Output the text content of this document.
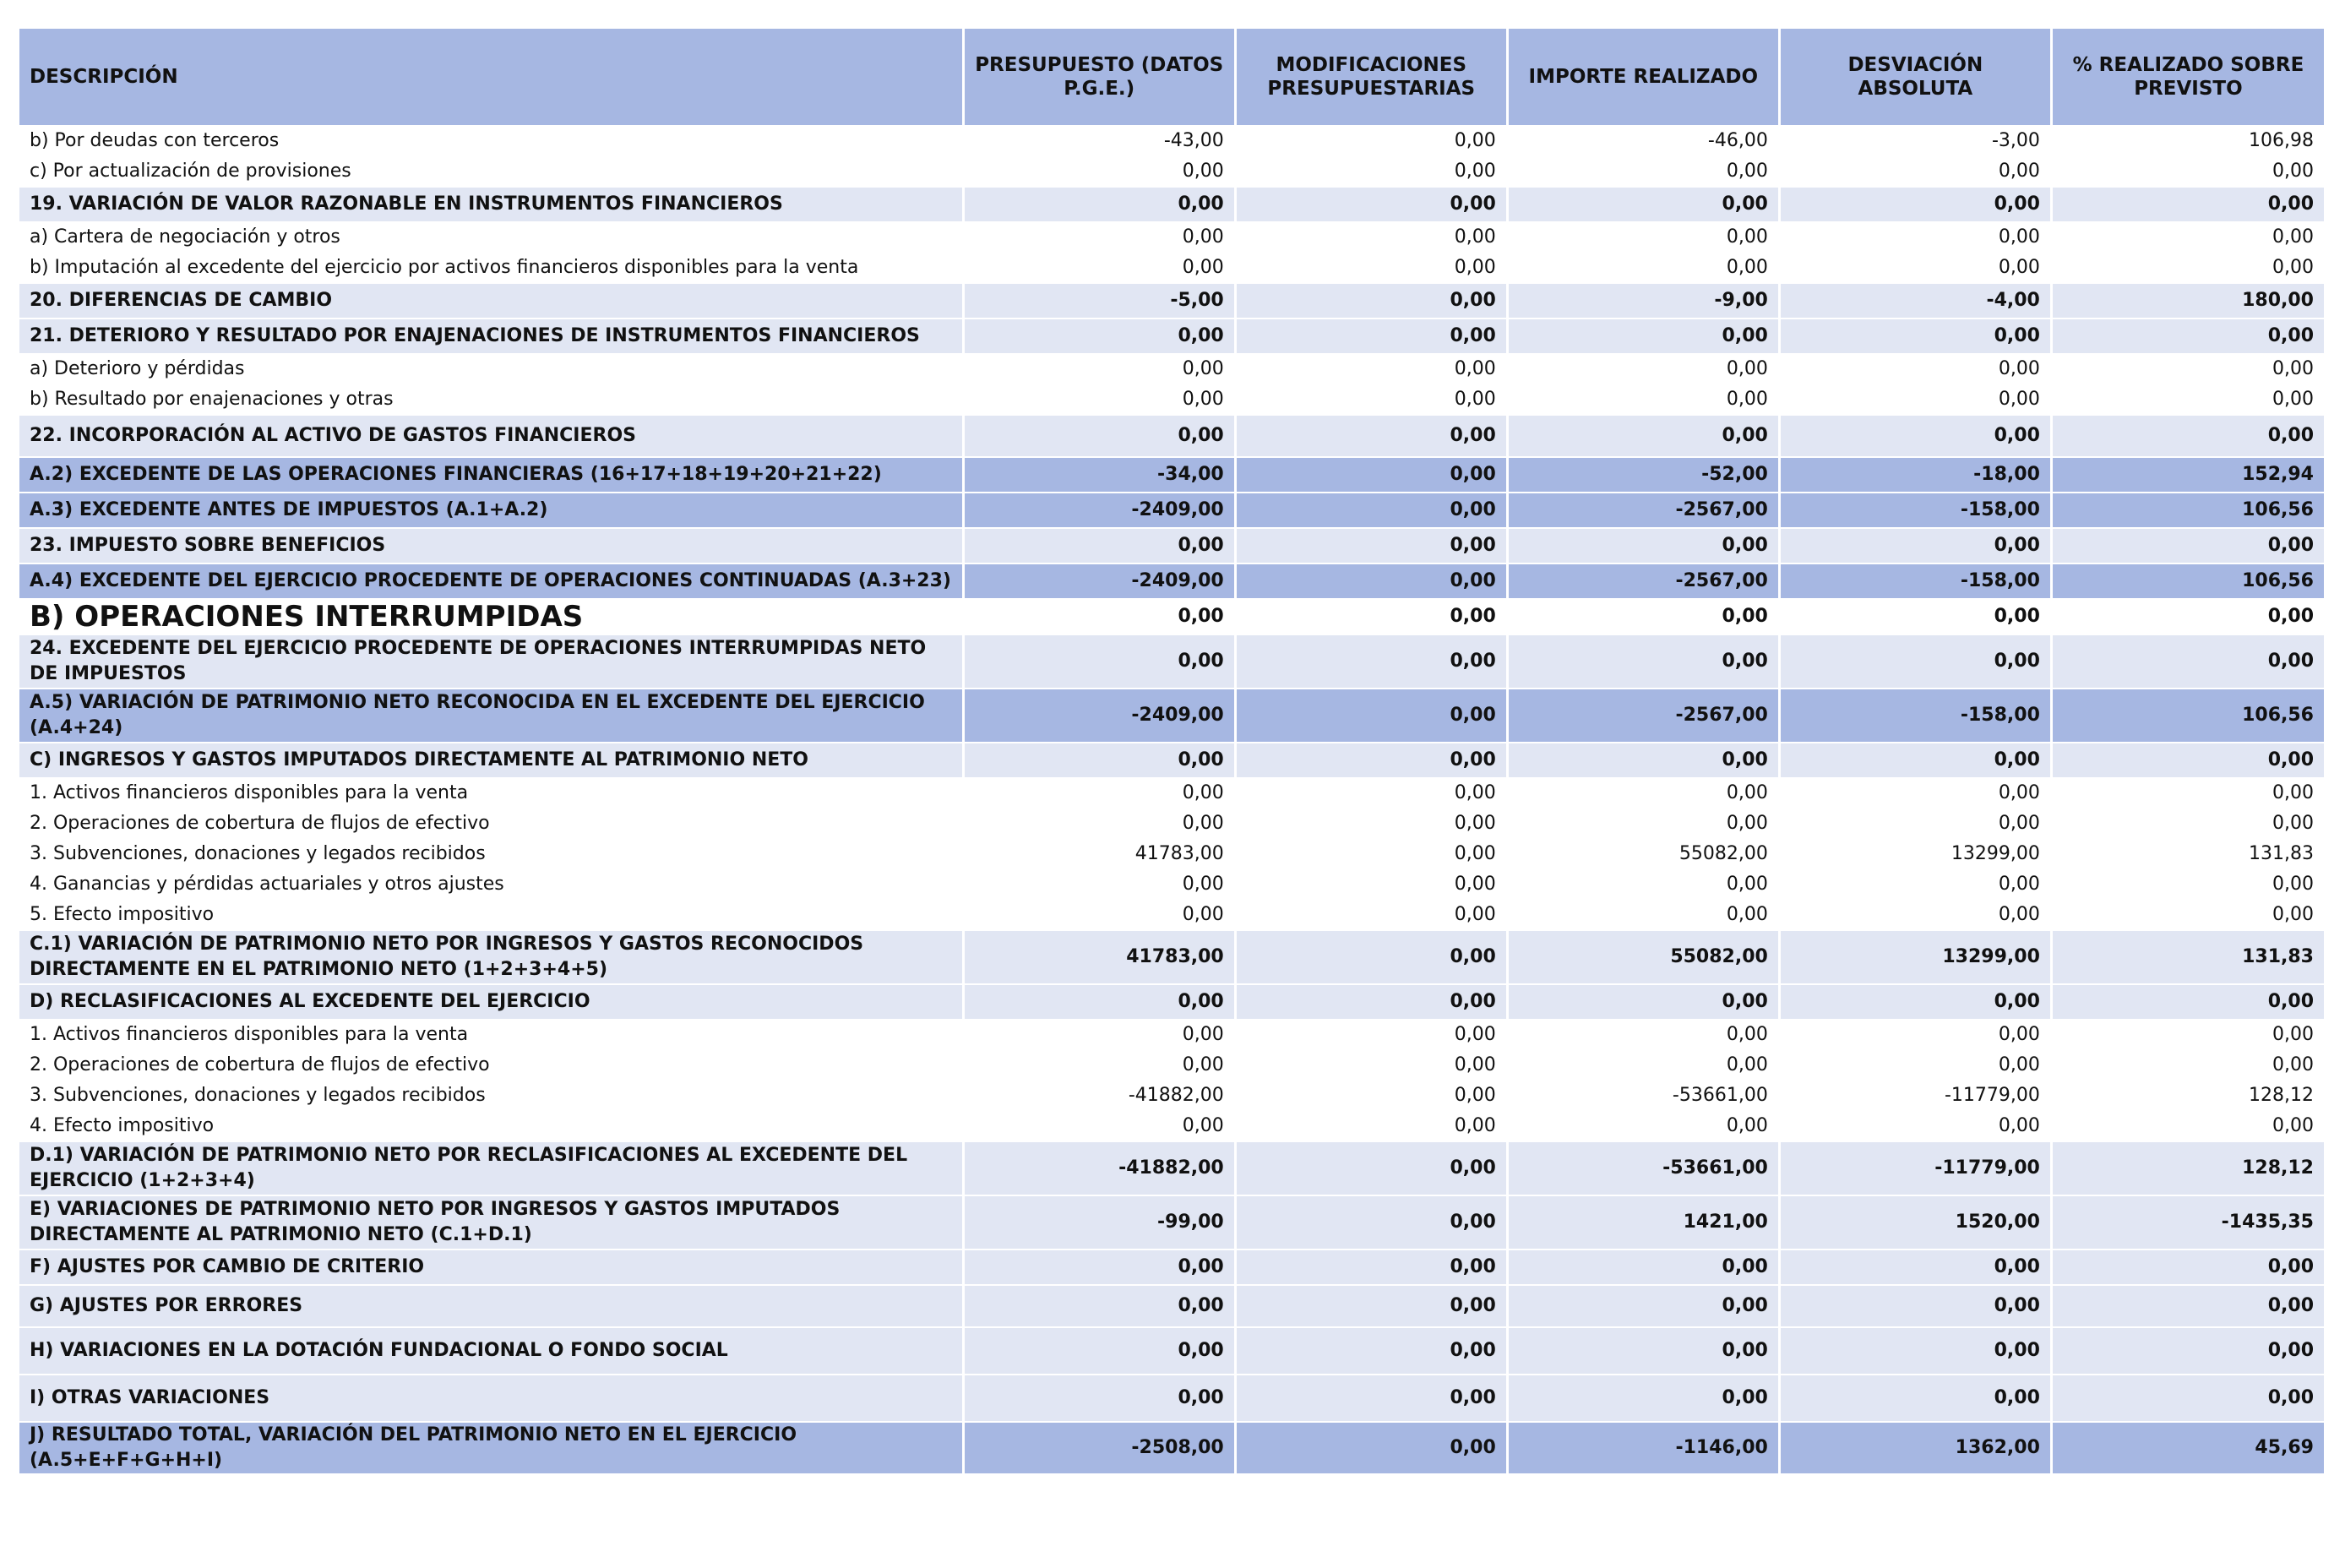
DESCRIPCIÓN	PRESUPUESTO (DATOS P.G.E.)	MODIFICACIONES PRESUPUESTARIAS	IMPORTE REALIZADO	DESVIACIÓN ABSOLUTA	% REALIZADO SOBRE PREVISTO
b) Por deudas con terceros	-43,00	0,00	-46,00	-3,00	106,98
c) Por actualización de provisiones	0,00	0,00	0,00	0,00	0,00
19. VARIACIÓN DE VALOR RAZONABLE EN INSTRUMENTOS FINANCIEROS	0,00	0,00	0,00	0,00	0,00
a) Cartera de negociación y otros	0,00	0,00	0,00	0,00	0,00
b) Imputación al excedente del ejercicio por activos financieros disponibles para la venta	0,00	0,00	0,00	0,00	0,00
20. DIFERENCIAS DE CAMBIO	-5,00	0,00	-9,00	-4,00	180,00
21. DETERIORO Y RESULTADO POR ENAJENACIONES DE INSTRUMENTOS FINANCIEROS	0,00	0,00	0,00	0,00	0,00
a) Deterioro y pérdidas	0,00	0,00	0,00	0,00	0,00
b) Resultado por enajenaciones y otras	0,00	0,00	0,00	0,00	0,00
22. INCORPORACIÓN AL ACTIVO DE GASTOS FINANCIEROS	0,00	0,00	0,00	0,00	0,00
A.2) EXCEDENTE DE LAS OPERACIONES FINANCIERAS (16+17+18+19+20+21+22)	-34,00	0,00	-52,00	-18,00	152,94
A.3) EXCEDENTE ANTES DE IMPUESTOS (A.1+A.2)	-2409,00	0,00	-2567,00	-158,00	106,56
23. IMPUESTO SOBRE BENEFICIOS	0,00	0,00	0,00	0,00	0,00
A.4) EXCEDENTE DEL EJERCICIO PROCEDENTE DE OPERACIONES CONTINUADAS (A.3+23)	-2409,00	0,00	-2567,00	-158,00	106,56
B) OPERACIONES INTERRUMPIDAS	0,00	0,00	0,00	0,00	0,00
24. EXCEDENTE DEL EJERCICIO PROCEDENTE DE OPERACIONES INTERRUMPIDAS NETO DE IMPUESTOS	0,00	0,00	0,00	0,00	0,00
A.5) VARIACIÓN DE PATRIMONIO NETO RECONOCIDA EN EL EXCEDENTE DEL EJERCICIO (A.4+24)	-2409,00	0,00	-2567,00	-158,00	106,56
C) INGRESOS Y GASTOS IMPUTADOS DIRECTAMENTE AL PATRIMONIO NETO	0,00	0,00	0,00	0,00	0,00
1. Activos financieros disponibles para la venta	0,00	0,00	0,00	0,00	0,00
2. Operaciones de cobertura de flujos de efectivo	0,00	0,00	0,00	0,00	0,00
3. Subvenciones, donaciones y legados recibidos	41783,00	0,00	55082,00	13299,00	131,83
4. Ganancias y pérdidas actuariales y otros ajustes	0,00	0,00	0,00	0,00	0,00
5. Efecto impositivo	0,00	0,00	0,00	0,00	0,00
C.1) VARIACIÓN DE PATRIMONIO NETO POR INGRESOS Y GASTOS RECONOCIDOS DIRECTAMENTE EN EL PATRIMONIO NETO (1+2+3+4+5)	41783,00	0,00	55082,00	13299,00	131,83
D) RECLASIFICACIONES AL EXCEDENTE DEL EJERCICIO	0,00	0,00	0,00	0,00	0,00
1. Activos financieros disponibles para la venta	0,00	0,00	0,00	0,00	0,00
2. Operaciones de cobertura de flujos de efectivo	0,00	0,00	0,00	0,00	0,00
3. Subvenciones, donaciones y legados recibidos	-41882,00	0,00	-53661,00	-11779,00	128,12
4. Efecto impositivo	0,00	0,00	0,00	0,00	0,00
D.1) VARIACIÓN DE PATRIMONIO NETO POR RECLASIFICACIONES AL EXCEDENTE DEL EJERCICIO (1+2+3+4)	-41882,00	0,00	-53661,00	-11779,00	128,12
E) VARIACIONES DE PATRIMONIO NETO POR INGRESOS Y GASTOS IMPUTADOS DIRECTAMENTE AL PATRIMONIO NETO (C.1+D.1)	-99,00	0,00	1421,00	1520,00	-1435,35
F) AJUSTES POR CAMBIO DE CRITERIO	0,00	0,00	0,00	0,00	0,00
G) AJUSTES POR ERRORES	0,00	0,00	0,00	0,00	0,00
H) VARIACIONES EN LA DOTACIÓN FUNDACIONAL O FONDO SOCIAL	0,00	0,00	0,00	0,00	0,00
I) OTRAS VARIACIONES	0,00	0,00	0,00	0,00	0,00
J) RESULTADO TOTAL, VARIACIÓN DEL PATRIMONIO NETO EN EL EJERCICIO (A.5+E+F+G+H+I)	-2508,00	0,00	-1146,00	1362,00	45,69
